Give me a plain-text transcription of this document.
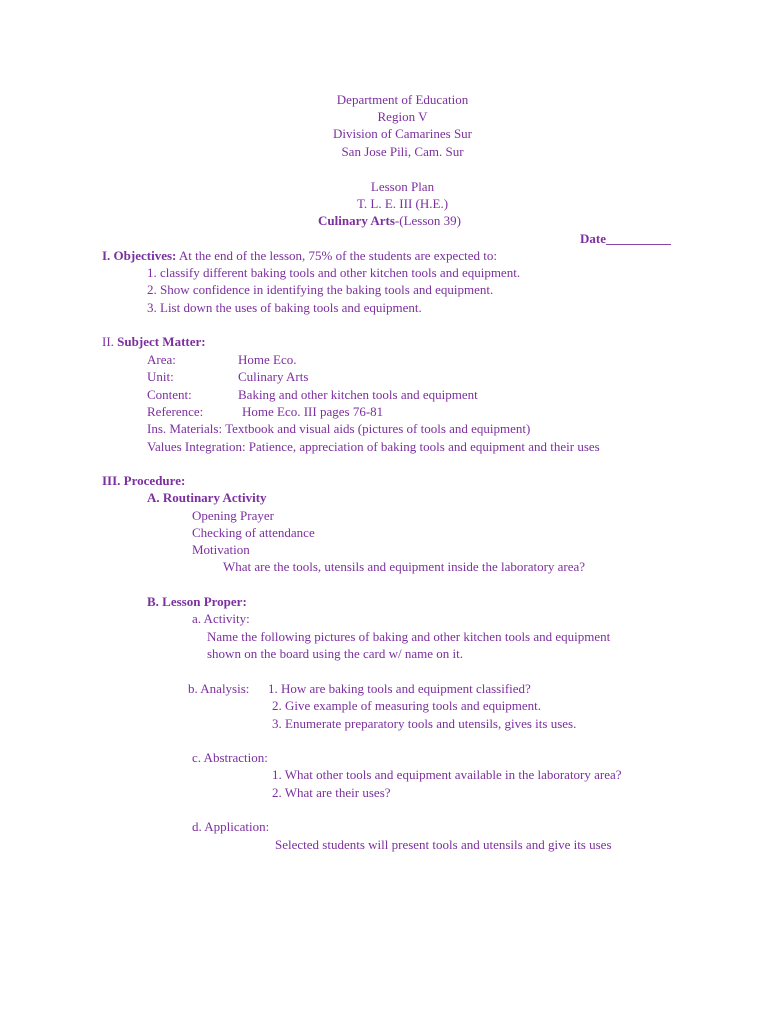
Department of Education
Region V
Division of Camarines Sur
San Jose Pili, Cam. Sur
Lesson Plan
T. L. E. III (H.E.)
Culinary Arts-(Lesson 39)
Date__________
I. Objectives: At the end of the lesson, 75% of the students are expected to:
1. classify different baking tools and other kitchen tools and equipment.
2. Show confidence in identifying the baking tools and equipment.
3. List down the uses of baking tools and equipment.
II. Subject Matter:
Area:	Home Eco.
Unit:	Culinary Arts
Content:	Baking and other kitchen tools and equipment
Reference:	Home Eco. III pages 76-81
Ins. Materials: Textbook and visual aids (pictures of tools and equipment)
Values Integration: Patience, appreciation of baking tools and equipment and their uses
III. Procedure:
A. Routinary Activity
Opening Prayer
Checking of attendance
Motivation
What are the tools, utensils and equipment inside the laboratory area?
B. Lesson Proper:
a. Activity:
Name the following pictures of baking and other kitchen tools and equipment
shown on the board using the card w/ name on it.
b. Analysis: 1. How are baking tools and equipment classified?
2. Give example of measuring tools and equipment.
3. Enumerate preparatory tools and utensils, gives its uses.
c. Abstraction:
1. What other tools and equipment available in the laboratory area?
2. What are their uses?
d. Application:
Selected students will present tools and utensils and give its uses
